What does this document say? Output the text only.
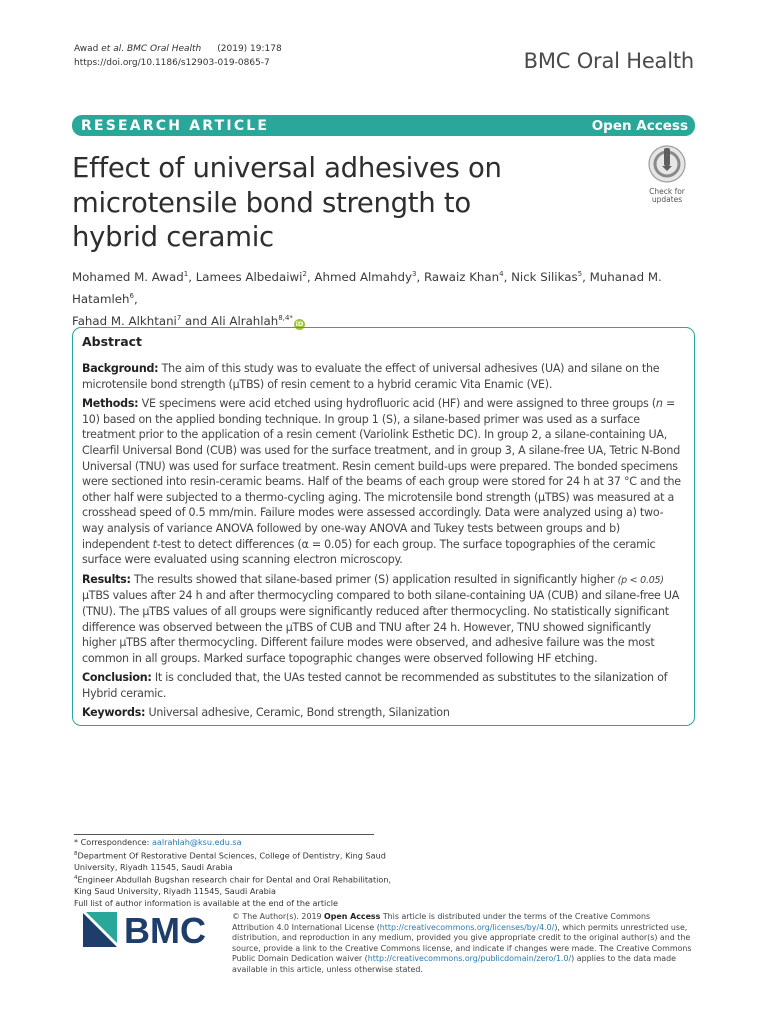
Awad et al. BMC Oral Health (2019) 19:178
https://doi.org/10.1186/s12903-019-0865-7	BMC Oral Health
RESEARCH ARTICLE	Open Access
Effect of universal adhesives on microtensile bond strength to hybrid ceramic
Check for
updates
Mohamed M. Awad$^1$, Lamees Albedaiwi$^2$, Ahmed Almahdy$^3$, Rawaiz Khan$^4$, Nick Silikas$^5$, Muhanad M. Hatamleh$^6$,
Fahad M. Alkhtani$^7$ and Ali Alrahlah$^{8,4*}$iD
Abstract

Background: The aim of this study was to evaluate the effect of universal adhesives (UA) and silane on the microtensile bond strength (µTBS) of resin cement to a hybrid ceramic Vita Enamic (VE).

Methods: VE specimens were acid etched using hydrofluoric acid (HF) and were assigned to three groups (n = 10) based on the applied bonding technique. In group 1 (S), a silane-based primer was used as a surface treatment prior to the application of a resin cement (Variolink Esthetic DC). In group 2, a silane-containing UA, Clearfil Universal Bond (CUB) was used for the surface treatment, and in group 3, A silane-free UA, Tetric N-Bond Universal (TNU) was used for surface treatment. Resin cement build-ups were prepared. The bonded specimens were sectioned into resin-ceramic beams. Half of the beams of each group were stored for 24 h at 37 °C and the other half were subjected to a thermo-cycling aging. The microtensile bond strength (µTBS) was measured at a crosshead speed of 0.5 mm/min. Failure modes were assessed accordingly. Data were analyzed using a) two-way analysis of variance ANOVA followed by one-way ANOVA and Tukey tests between groups and b) independent t-test to detect differences (α = 0.05) for each group. The surface topographies of the ceramic surface were evaluated using scanning electron microscopy.

Results: The results showed that silane-based primer (S) application resulted in significantly higher (p < 0.05) µTBS values after 24 h and after thermocycling compared to both silane-containing UA (CUB) and silane-free UA (TNU). The µTBS values of all groups were significantly reduced after thermocycling. No statistically significant difference was observed between the µTBS of CUB and TNU after 24 h. However, TNU showed significantly higher µTBS after thermocycling. Different failure modes were observed, and adhesive failure was the most common in all groups. Marked surface topographic changes were observed following HF etching.

Conclusion: It is concluded that, the UAs tested cannot be recommended as substitutes to the silanization of Hybrid ceramic.

Keywords: Universal adhesive, Ceramic, Bond strength, Silanization

* Correspondence: aalrahlah@ksu.edu.sa
$^8$Department Of Restorative Dental Sciences, College of Dentistry, King Saud University, Riyadh 11545, Saudi Arabia
$^4$Engineer Abdullah Bugshan research chair for Dental and Oral Rehabilitation, King Saud University, Riyadh 11545, Saudi Arabia
Full list of author information is available at the end of the article
BMC	© The Author(s). 2019 Open Access This article is distributed under the terms of the Creative Commons Attribution 4.0 International License (http://creativecommons.org/licenses/by/4.0/), which permits unrestricted use, distribution, and reproduction in any medium, provided you give appropriate credit to the original author(s) and the source, provide a link to the Creative Commons license, and indicate if changes were made. The Creative Commons Public Domain Dedication waiver (http://creativecommons.org/publicdomain/zero/1.0/) applies to the data made available in this article, unless otherwise stated.
